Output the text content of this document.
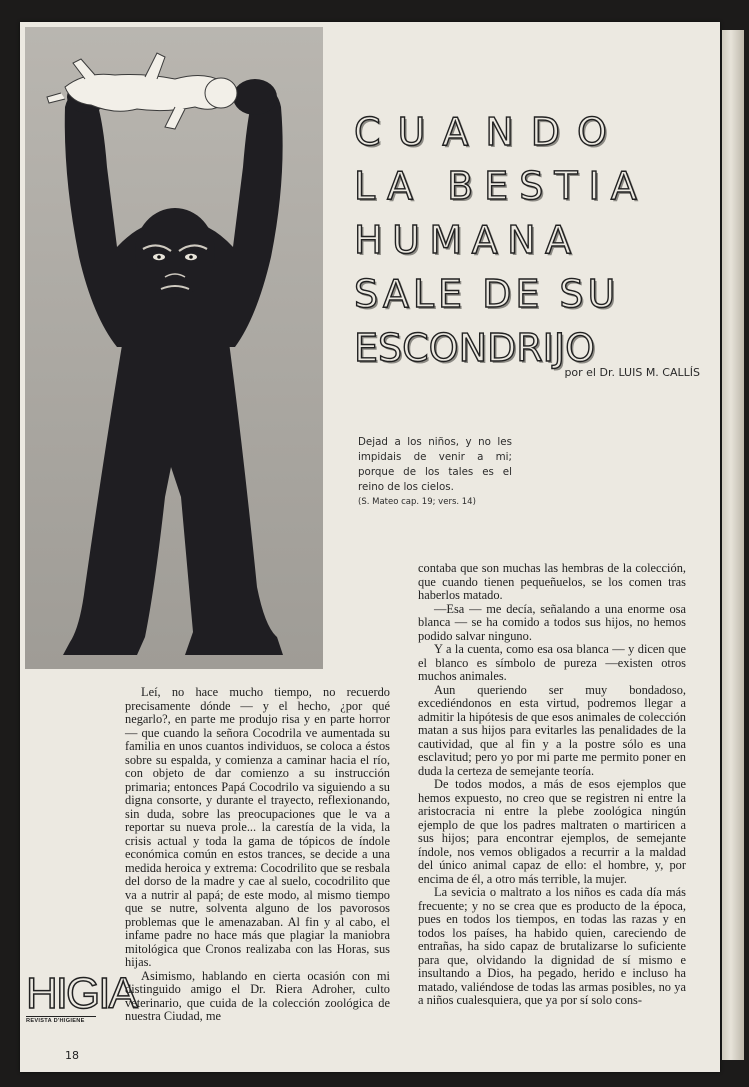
CUANDO
LA BESTIA
HUMANA
SALE DE SU
ESCONDRIJO
por el Dr. LUIS M. CALLÍS
Dejad a los niños, y no les impidais de venir a mi; porque de los tales es el reino de los cielos.
(S. Mateo cap. 19; vers. 14)

Leí, no hace mucho tiempo, no recuerdo precisamente dónde — y el hecho, ¿por qué negarlo?, en parte me produjo risa y en parte horror — que cuando la señora Cocodrila ve aumentada su familia en unos cuantos individuos, se coloca a éstos sobre su espalda, y comienza a caminar hacia el río, con objeto de dar comienzo a su instrucción primaria; entonces Papá Cocodrilo va siguiendo a su digna consorte, y durante el trayecto, reflexionando, sin duda, sobre las preocupaciones que le va a reportar su nueva prole... la carestía de la vida, la crisis actual y toda la gama de tópicos de índole económica común en estos trances, se decide a una medida heroica y extrema: Cocodrilito que se resbala del dorso de la madre y cae al suelo, cocodrilito que va a nutrir al papá; de este modo, al mismo tiempo que se nutre, solventa alguno de los pavorosos problemas que le amenazaban. Al fin y al cabo, el infame padre no hace más que plagiar la maniobra mitológica que Cronos realizaba con las Horas, sus hijas.

Asimismo, hablando en cierta ocasión con mi distinguido amigo el Dr. Riera Adroher, culto veterinario, que cuida de la colección zoológica de nuestra Ciudad, me

contaba que son muchas las hembras de la colección, que cuando tienen pequeñuelos, se los comen tras haberlos matado.

—Esa — me decía, señalando a una enorme osa blanca — se ha comido a todos sus hijos, no hemos podido salvar ninguno.

Y a la cuenta, como esa osa blanca — y dicen que el blanco es símbolo de pureza —existen otros muchos animales.

Aun queriendo ser muy bondadoso, excediéndonos en esta virtud, podremos llegar a admitir la hipótesis de que esos animales de colección matan a sus hijos para evitarles las penalidades de la cautividad, que al fin y a la postre sólo es una esclavitud; pero yo por mi parte me permito poner en duda la certeza de semejante teoría.

De todos modos, a más de esos ejemplos que hemos expuesto, no creo que se registren ni entre la aristocracia ni entre la plebe zoológica ningún ejemplo de que los padres maltraten o martiricen a sus hijos; para encontrar ejemplos, de semejante índole, nos vemos obligados a recurrir a la maldad del único animal capaz de ello: el hombre, y, por encima de él, a otro más terrible, la mujer.

La sevicia o maltrato a los niños es cada día más frecuente; y no se crea que es producto de la época, pues en todos los tiempos, en todas las razas y en todos los países, ha habido quien, careciendo de entrañas, ha sido capaz de brutalizarse lo suficiente para que, olvidando la dignidad de sí mismo e insultando a Dios, ha pegado, herido e incluso ha matado, valiéndose de todas las armas posibles, no ya a niños cualesquiera, que ya por sí solo cons-

HIGIA
REVISTA D'HIGIENE
18
